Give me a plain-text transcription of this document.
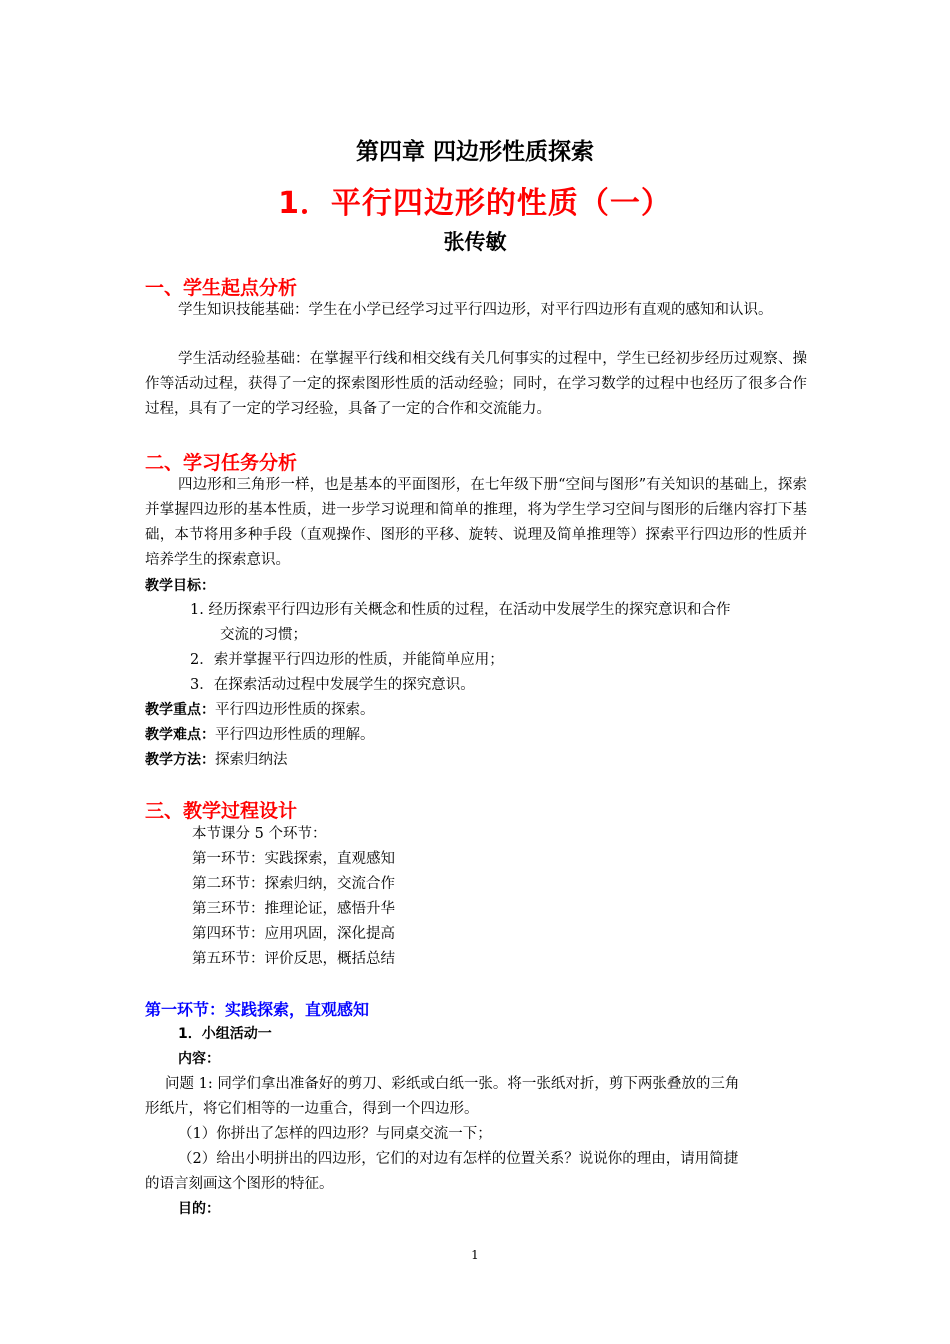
第四章 四边形性质探索
1．平行四边形的性质（一）
张传敏
一、学生起点分析
学生知识技能基础：学生在小学已经学习过平行四边形，对平行四边形有直观的感知和认识。
学生活动经验基础：在掌握平行线和相交线有关几何事实的过程中，学生已经初步经历过观察、操作等活动过程，获得了一定的探索图形性质的活动经验；同时，在学习数学的过程中也经历了很多合作过程，具有了一定的学习经验，具备了一定的合作和交流能力。
二、学习任务分析
四边形和三角形一样，也是基本的平面图形，在七年级下册“空间与图形”有关知识的基础上，探索并掌握四边形的基本性质，进一步学习说理和简单的推理，将为学生学习空间与图形的后继内容打下基础，本节将用多种手段（直观操作、图形的平移、旋转、说理及简单推理等）探索平行四边形的性质并培养学生的探索意识。
教学目标：
1. 经历探索平行四边形有关概念和性质的过程，在活动中发展学生的探究意识和合作
交流的习惯；
2．索并掌握平行四边形的性质，并能简单应用；
3．在探索活动过程中发展学生的探究意识。
教学重点：平行四边形性质的探索。
教学难点：平行四边形性质的理解。
教学方法：探索归纳法
三、教学过程设计
本节课分 5 个环节：
第一环节：实践探索，直观感知
第二环节：探索归纳，交流合作
第三环节：推理论证，感悟升华
第四环节：应用巩固，深化提高
第五环节：评价反思，概括总结
第一环节：实践探索，直观感知
1．小组活动一
内容：
问题 1: 同学们拿出准备好的剪刀、彩纸或白纸一张。将一张纸对折，剪下两张叠放的三角
形纸片，将它们相等的一边重合，得到一个四边形。
（1）你拼出了怎样的四边形？与同桌交流一下；
（2）给出小明拼出的四边形，它们的对边有怎样的位置关系？说说你的理由，请用简捷
的语言刻画这个图形的特征。
目的：
1
